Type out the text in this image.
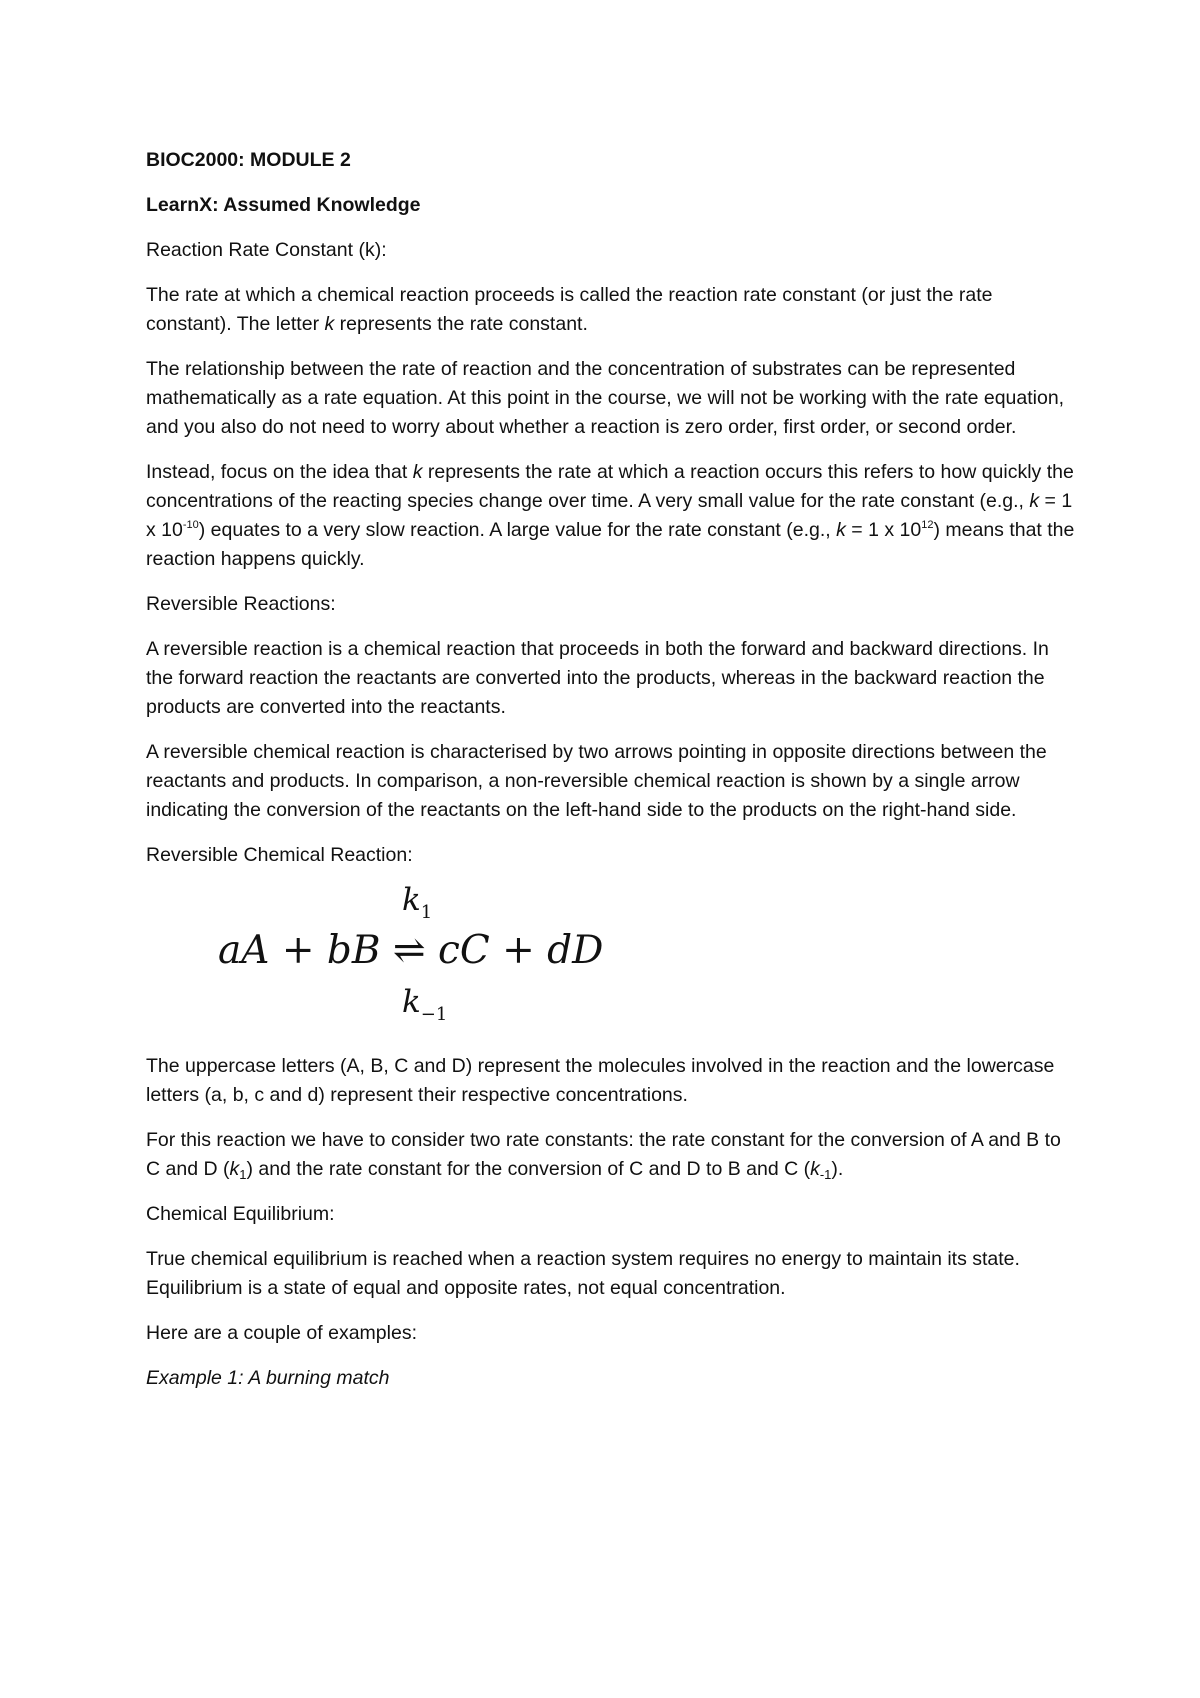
BIOC2000: MODULE 2

LearnX: Assumed Knowledge

Reaction Rate Constant (k):

The rate at which a chemical reaction proceeds is called the reaction rate constant (or just the rate constant). The letter k represents the rate constant.

The relationship between the rate of reaction and the concentration of substrates can be represented mathematically as a rate equation. At this point in the course, we will not be working with the rate equation, and you also do not need to worry about whether a reaction is zero order, first order, or second order.

Instead, focus on the idea that k represents the rate at which a reaction occurs this refers to how quickly the concentrations of the reacting species change over time. A very small value for the rate constant (e.g., k = 1 x $10^{-10}$) equates to a very slow reaction. A large value for the rate constant (e.g., k = 1 x $10^{12}$) means that the reaction happens quickly.

Reversible Reactions:

A reversible reaction is a chemical reaction that proceeds in both the forward and backward directions. In the forward reaction the reactants are converted into the products, whereas in the backward reaction the products are converted into the reactants.

A reversible chemical reaction is characterised by two arrows pointing in opposite directions between the reactants and products. In comparison, a non-reversible chemical reaction is shown by a single arrow indicating the conversion of the reactants on the left-hand side to the products on the right-hand side.

Reversible Chemical Reaction:

$k_1$
aA + bB ⇌ cC + dD
$k_{-1}$

The uppercase letters (A, B, C and D) represent the molecules involved in the reaction and the lowercase letters (a, b, c and d) represent their respective concentrations.

For this reaction we have to consider two rate constants: the rate constant for the conversion of A and B to C and D $(k_1)$ and the rate constant for the conversion of C and D to B and C $(k_{-1})$.

Chemical Equilibrium:

True chemical equilibrium is reached when a reaction system requires no energy to maintain its state. Equilibrium is a state of equal and opposite rates, not equal concentration.

Here are a couple of examples:

Example 1: A burning match
